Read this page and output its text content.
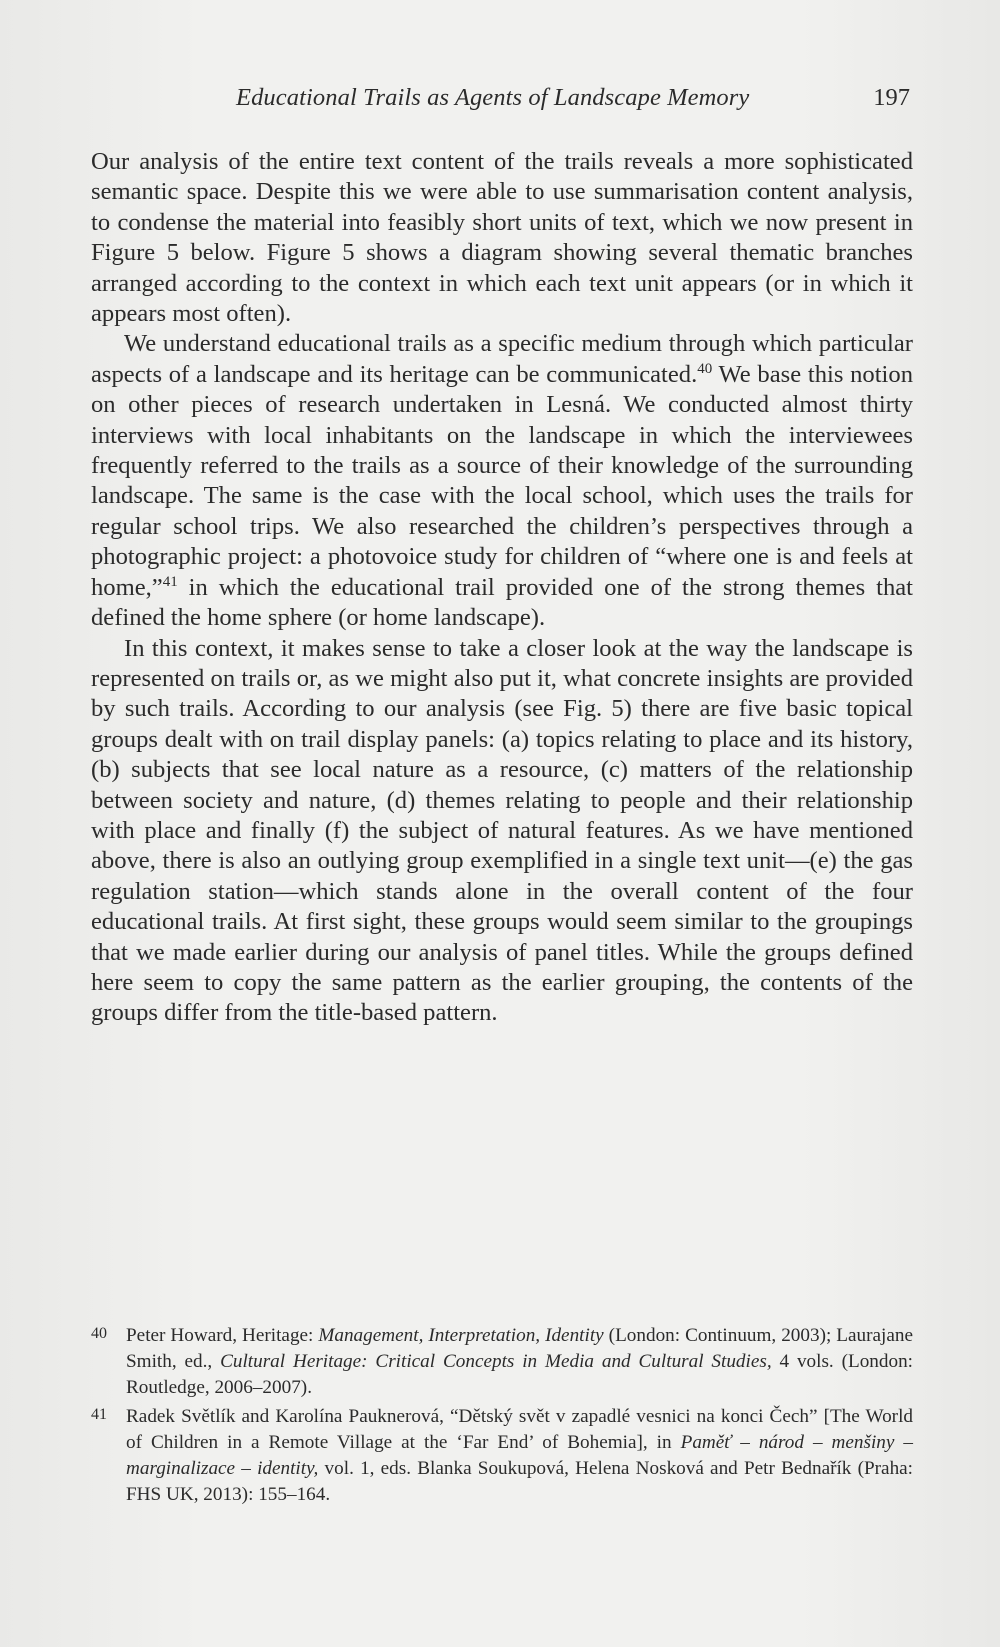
Educational Trails as Agents of Landscape Memory	197

Our analysis of the entire text content of the trails reveals a more sophisticated semantic space. Despite this we were able to use summarisation content analysis, to condense the material into feasibly short units of text, which we now present in Figure 5 below. Figure 5 shows a diagram showing several thematic branches arranged according to the context in which each text unit appears (or in which it appears most often).

We understand educational trails as a specific medium through which particular aspects of a landscape and its heritage can be communicated.$^{40}$ We base this notion on other pieces of research undertaken in Lesná. We conducted almost thirty interviews with local inhabitants on the landscape in which the interviewees frequently referred to the trails as a source of their knowledge of the surrounding landscape. The same is the case with the local school, which uses the trails for regular school trips. We also researched the children’s perspectives through a photographic project: a photovoice study for children of “where one is and feels at home,”$^{41}$ in which the educational trail provided one of the strong themes that defined the home sphere (or home landscape).

In this context, it makes sense to take a closer look at the way the landscape is represented on trails or, as we might also put it, what concrete insights are provided by such trails. According to our analysis (see Fig. 5) there are five basic topical groups dealt with on trail display panels: (a) topics relating to place and its history, (b) subjects that see local nature as a resource, (c) matters of the relationship between society and nature, (d) themes relating to people and their relationship with place and finally (f) the subject of natural features. As we have mentioned above, there is also an outlying group exemplified in a single text unit—(e) the gas regulation station—which stands alone in the overall content of the four educational trails. At first sight, these groups would seem similar to the groupings that we made earlier during our analysis of panel titles. While the groups defined here seem to copy the same pattern as the earlier grouping, the contents of the groups differ from the title-based pattern.

40 Peter Howard, Heritage: Management, Interpretation, Identity (London: Continuum, 2003); Laurajane Smith, ed., Cultural Heritage: Critical Concepts in Media and Cultural Studies, 4 vols. (London: Routledge, 2006–2007).
41 Radek Světlík and Karolína Pauknerová, “Dětský svět v zapadlé vesnici na konci Čech” [The World of Children in a Remote Village at the ‘Far End’ of Bohemia], in Paměť – národ – menšiny – marginalizace – identity, vol. 1, eds. Blanka Soukupová, Helena Nosková and Petr Bednařík (Praha: FHS UK, 2013): 155–164.
